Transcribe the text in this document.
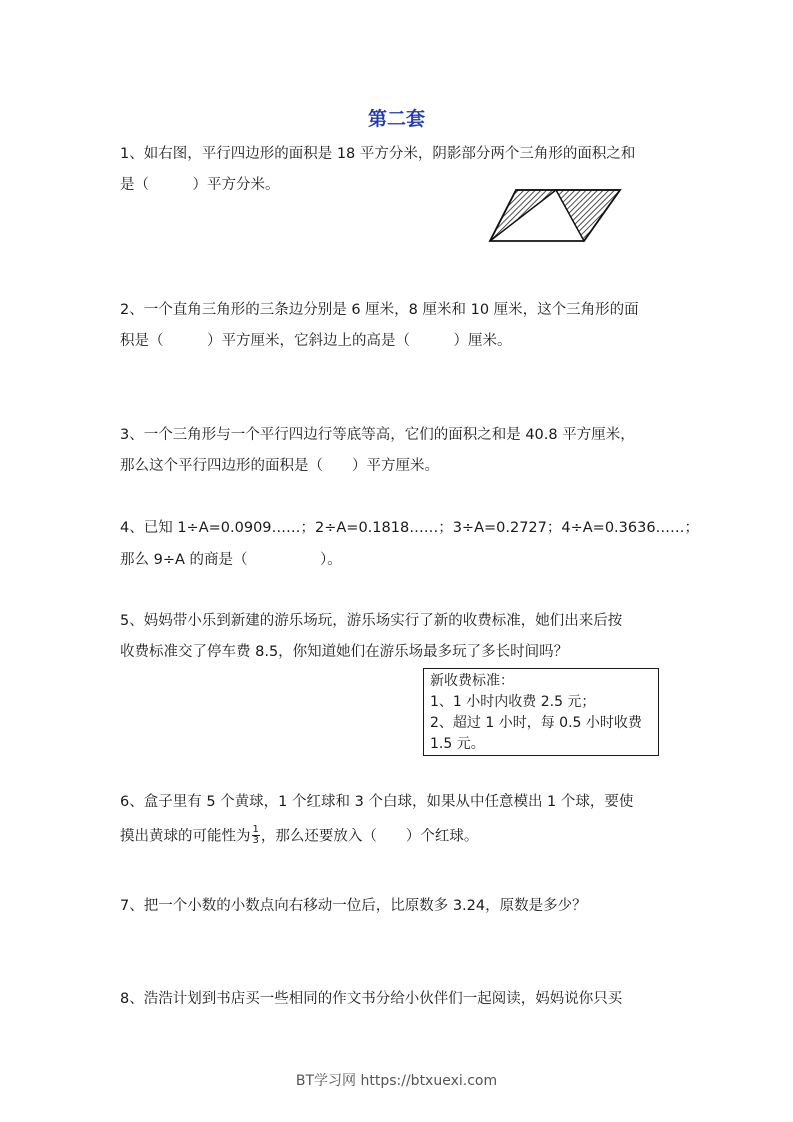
第二套
1、如右图，平行四边形的面积是 18 平方分米，阴影部分两个三角形的面积之和
是（　　　）平方分米。
2、一个直角三角形的三条边分别是 6 厘米，8 厘米和 10 厘米，这个三角形的面
积是（　　　）平方厘米，它斜边上的高是（　　　）厘米。
3、一个三角形与一个平行四边行等底等高，它们的面积之和是 40.8 平方厘米，
那么这个平行四边形的面积是（　　）平方厘米。
4、已知 1÷A=0.0909……；2÷A=0.1818……；3÷A=0.2727；4÷A=0.3636……；
那么 9÷A 的商是（　　　　　）。
5、妈妈带小乐到新建的游乐场玩，游乐场实行了新的收费标准，她们出来后按
收费标准交了停车费 8.5，你知道她们在游乐场最多玩了多长时间吗？
新收费标准：
1、1 小时内收费 2.5 元；
2、超过 1 小时，每 0.5 小时收费
1.5 元。
6、盒子里有 5 个黄球，1 个红球和 3 个白球，如果从中任意模出 1 个球，要使
摸出黄球的可能性为 $\frac{1}{3}$ ，那么还要放入（　　）个红球。
7、把一个小数的小数点向右移动一位后，比原数多 3.24，原数是多少？
8、浩浩计划到书店买一些相同的作文书分给小伙伴们一起阅读，妈妈说你只买
BT学习网 https://btxuexi.com
